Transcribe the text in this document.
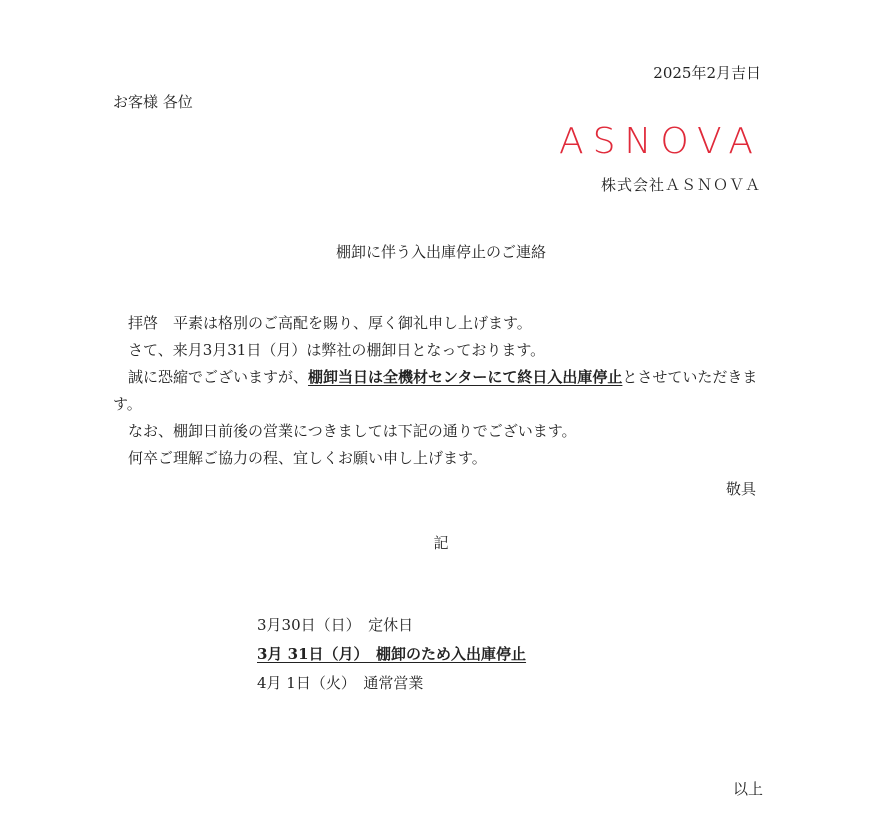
2025年2月吉日
お客様 各位
ASNOVA
株式会社ＡＳＮＯＶＡ
棚卸に伴う入出庫停止のご連絡

拝啓　平素は格別のご高配を賜り、厚く御礼申し上げます。

さて、来月3月31日（月）は弊社の棚卸日となっております。

誠に恐縮でございますが、棚卸当日は全機材センターにて終日入出庫停止とさせていただきます。

なお、棚卸日前後の営業につきましては下記の通りでございます。

何卒ご理解ご協力の程、宜しくお願い申し上げます。

敬具
記
3月30日（日）　定休日
3月 31日（月）　棚卸のため入出庫停止
4月 1日（火）　通常営業
以上
